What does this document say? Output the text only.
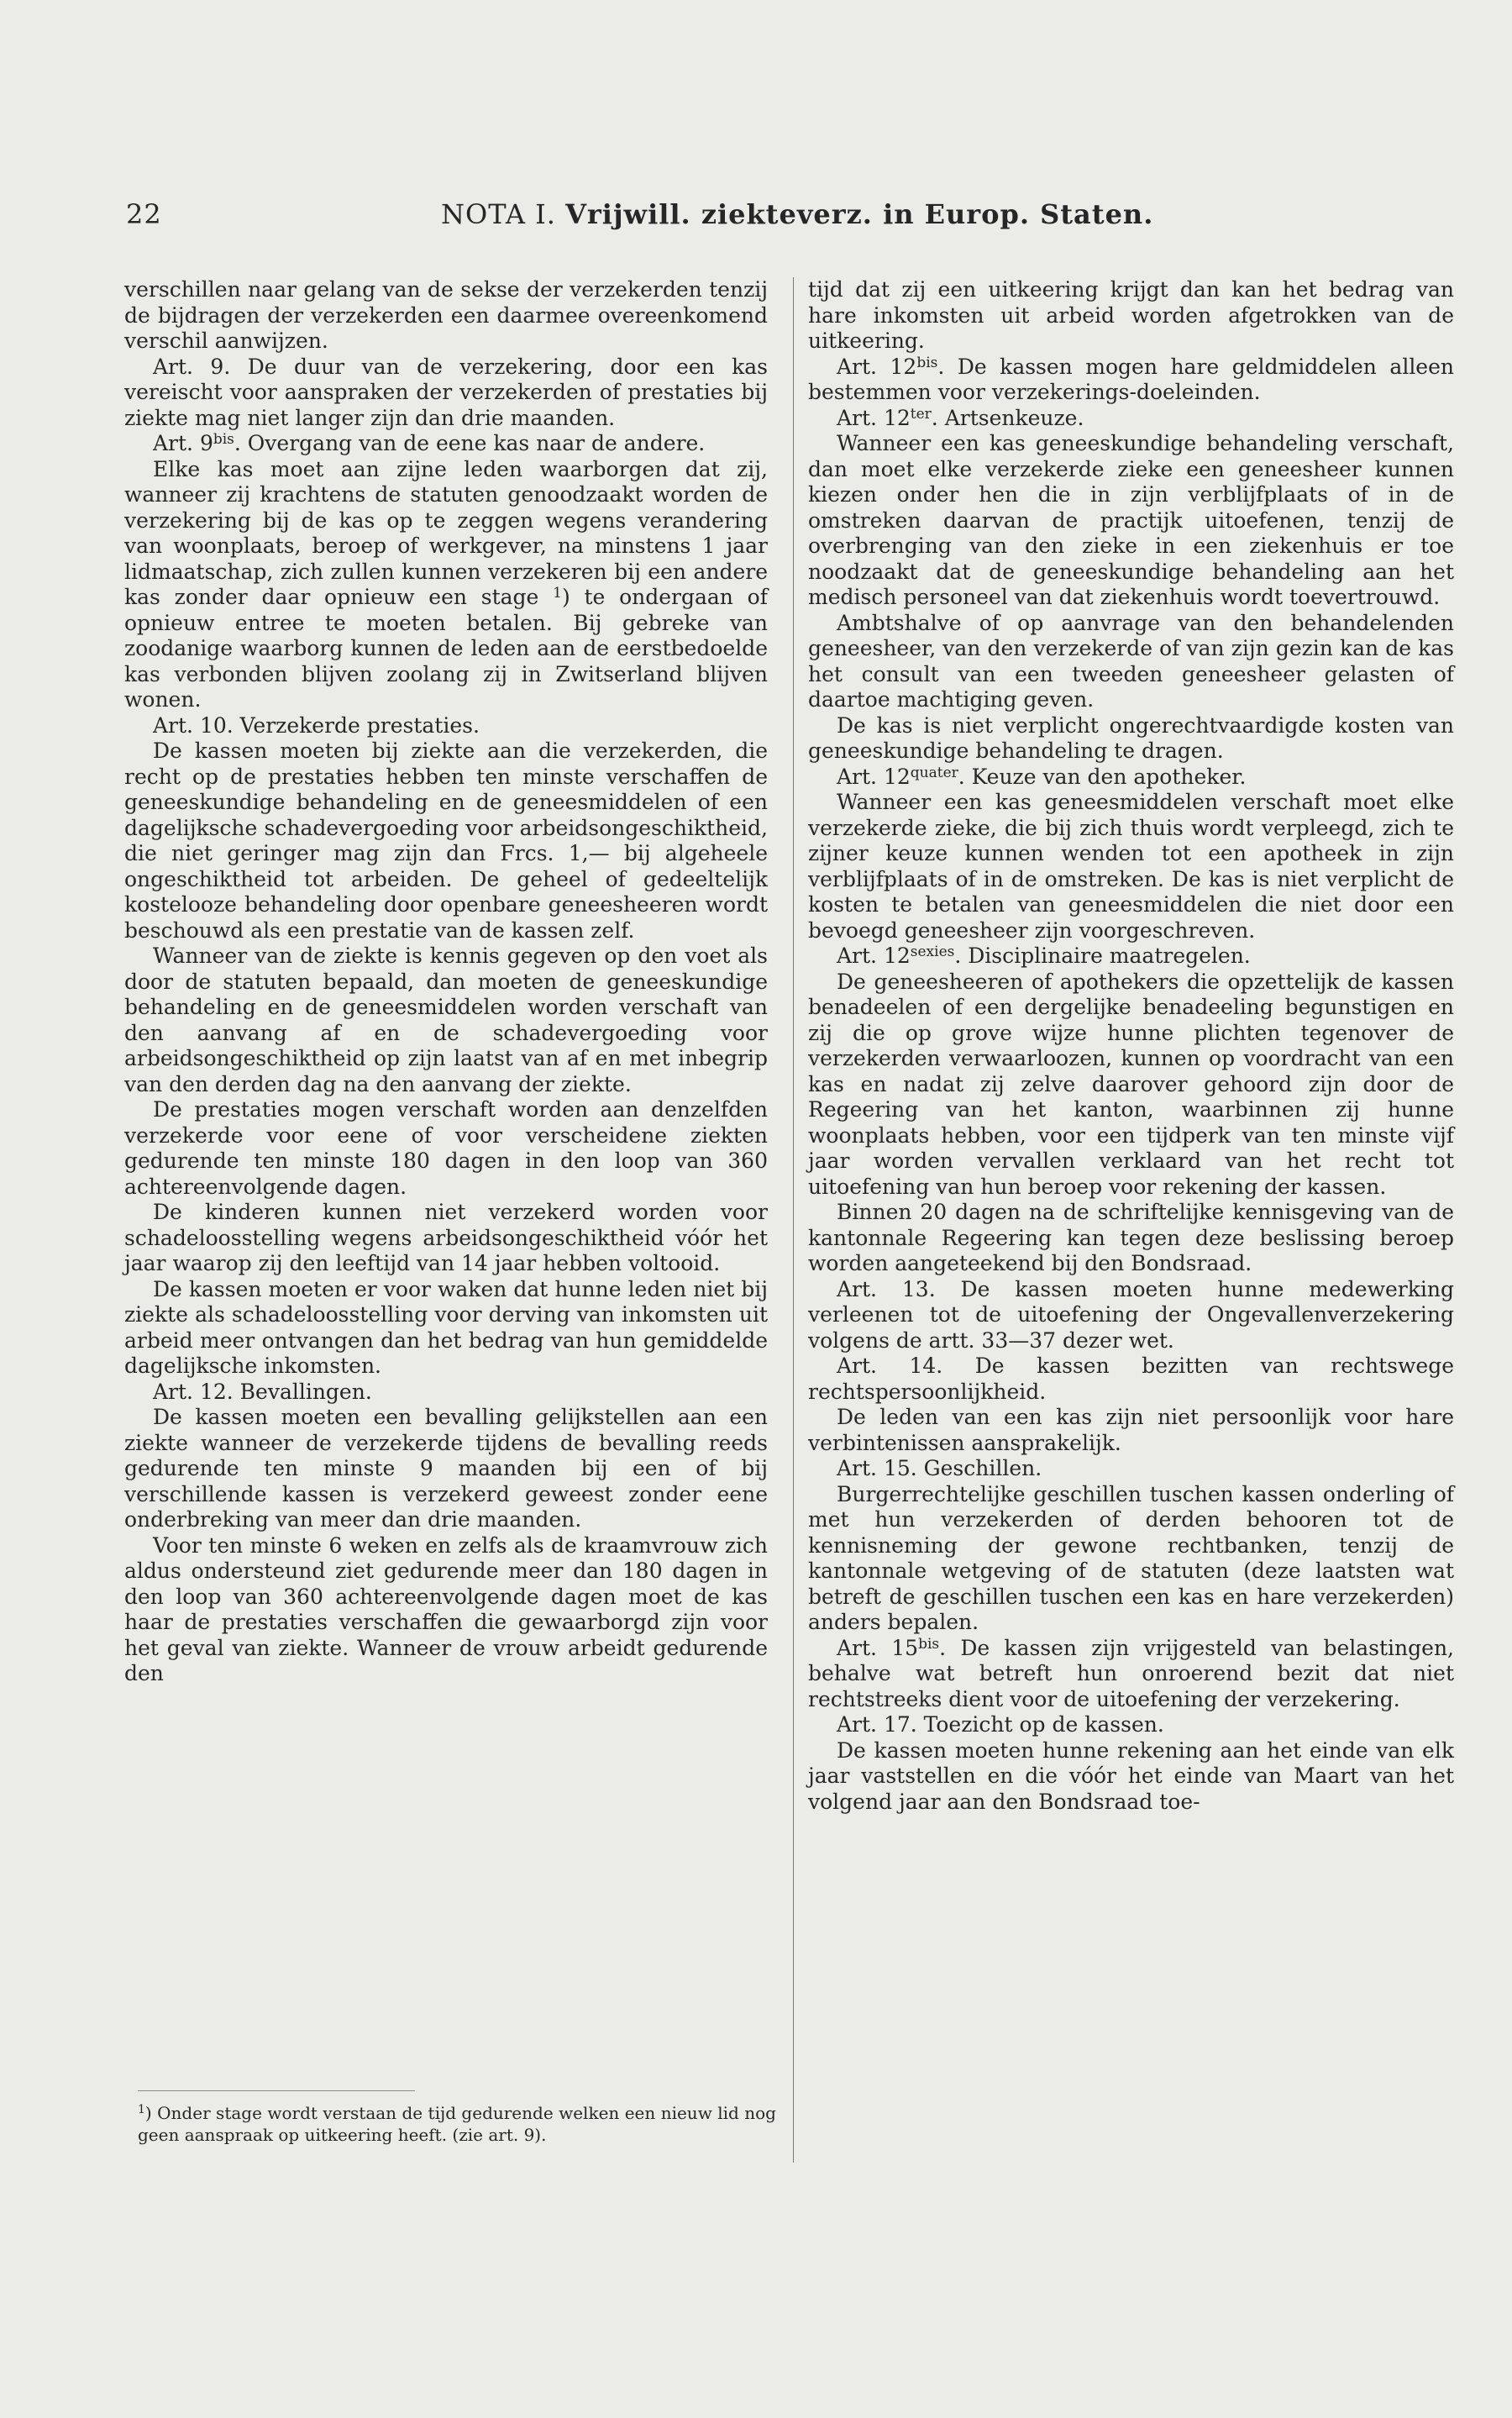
22	NOTA I. Vrijwill. ziekteverz. in Europ. Staten.

verschillen naar gelang van de sekse der verzekerden tenzij de bijdragen der verzekerden een daarmee overeenkomend verschil aanwijzen.

Art. 9. De duur van de verzekering, door een kas vereischt voor aanspraken der verzekerden of prestaties bij ziekte mag niet langer zijn dan drie maanden.

Art. $9^{bis}$. Overgang van de eene kas naar de andere.

Elke kas moet aan zijne leden waarborgen dat zij, wanneer zij krachtens de statuten genoodzaakt worden de verzekering bij de kas op te zeggen wegens verandering van woonplaats, beroep of werkgever, na minstens 1 jaar lidmaatschap, zich zullen kunnen verzekeren bij een andere kas zonder daar opnieuw een stage $^1$) te ondergaan of opnieuw entree te moeten betalen. Bij gebreke van zoodanige waarborg kunnen de leden aan de eerstbedoelde kas verbonden blijven zoolang zij in Zwitserland blijven wonen.

Art. 10. Verzekerde prestaties.

De kassen moeten bij ziekte aan die verzekerden, die recht op de prestaties hebben ten minste verschaffen de geneeskundige behandeling en de geneesmiddelen of een dagelijksche schadevergoeding voor arbeidsongeschiktheid, die niet geringer mag zijn dan Frcs. 1,— bij algeheele ongeschiktheid tot arbeiden. De geheel of gedeeltelijk kostelooze behandeling door openbare geneesheeren wordt beschouwd als een prestatie van de kassen zelf.

Wanneer van de ziekte is kennis gegeven op den voet als door de statuten bepaald, dan moeten de geneeskundige behandeling en de geneesmiddelen worden verschaft van den aanvang af en de schadevergoeding voor arbeidsongeschiktheid op zijn laatst van af en met inbegrip van den derden dag na den aanvang der ziekte.

De prestaties mogen verschaft worden aan denzelfden verzekerde voor eene of voor verscheidene ziekten gedurende ten minste 180 dagen in den loop van 360 achtereenvolgende dagen.

De kinderen kunnen niet verzekerd worden voor schadeloosstelling wegens arbeidsongeschiktheid vóór het jaar waarop zij den leeftijd van 14 jaar hebben voltooid.

De kassen moeten er voor waken dat hunne leden niet bij ziekte als schadeloosstelling voor derving van inkomsten uit arbeid meer ontvangen dan het bedrag van hun gemiddelde dagelijksche inkomsten.

Art. 12. Bevallingen.

De kassen moeten een bevalling gelijkstellen aan een ziekte wanneer de verzekerde tijdens de bevalling reeds gedurende ten minste 9 maanden bij een of bij verschillende kassen is verzekerd geweest zonder eene onderbreking van meer dan drie maanden.

Voor ten minste 6 weken en zelfs als de kraamvrouw zich aldus ondersteund ziet gedurende meer dan 180 dagen in den loop van 360 achtereenvolgende dagen moet de kas haar de prestaties verschaffen die gewaarborgd zijn voor het geval van ziekte. Wanneer de vrouw arbeidt gedurende den

tijd dat zij een uitkeering krijgt dan kan het bedrag van hare inkomsten uit arbeid worden afgetrokken van de uitkeering.

Art. $12^{bis}$. De kassen mogen hare geldmiddelen alleen bestemmen voor verzekerings-doeleinden.

Art. $12^{ter}$. Artsenkeuze.

Wanneer een kas geneeskundige behandeling verschaft, dan moet elke verzekerde zieke een geneesheer kunnen kiezen onder hen die in zijn verblijfplaats of in de omstreken daarvan de practijk uitoefenen, tenzij de overbrenging van den zieke in een ziekenhuis er toe noodzaakt dat de geneeskundige behandeling aan het medisch personeel van dat ziekenhuis wordt toevertrouwd.

Ambtshalve of op aanvrage van den behandelenden geneesheer, van den verzekerde of van zijn gezin kan de kas het consult van een tweeden geneesheer gelasten of daartoe machtiging geven.

De kas is niet verplicht ongerechtvaardigde kosten van geneeskundige behandeling te dragen.

Art. $12^{quater}$. Keuze van den apotheker.

Wanneer een kas geneesmiddelen verschaft moet elke verzekerde zieke, die bij zich thuis wordt verpleegd, zich te zijner keuze kunnen wenden tot een apotheek in zijn verblijfplaats of in de omstreken. De kas is niet verplicht de kosten te betalen van geneesmiddelen die niet door een bevoegd geneesheer zijn voorgeschreven.

Art. $12^{sexies}$. Disciplinaire maatregelen.

De geneesheeren of apothekers die opzettelijk de kassen benadeelen of een dergelijke benadeeling begunstigen en zij die op grove wijze hunne plichten tegenover de verzekerden verwaarloozen, kunnen op voordracht van een kas en nadat zij zelve daarover gehoord zijn door de Regeering van het kanton, waarbinnen zij hunne woonplaats hebben, voor een tijdperk van ten minste vijf jaar worden vervallen verklaard van het recht tot uitoefening van hun beroep voor rekening der kassen.

Binnen 20 dagen na de schriftelijke kennisgeving van de kantonnale Regeering kan tegen deze beslissing beroep worden aangeteekend bij den Bondsraad.

Art. 13. De kassen moeten hunne medewerking verleenen tot de uitoefening der Ongevallenverzekering volgens de artt. 33—37 dezer wet.

Art. 14. De kassen bezitten van rechtswege rechtspersoonlijkheid.

De leden van een kas zijn niet persoonlijk voor hare verbintenissen aansprakelijk.

Art. 15. Geschillen.

Burgerrechtelijke geschillen tuschen kassen onderling of met hun verzekerden of derden behooren tot de kennisneming der gewone rechtbanken, tenzij de kantonnale wetgeving of de statuten (deze laatsten wat betreft de geschillen tuschen een kas en hare verzekerden) anders bepalen.

Art. $15^{bis}$. De kassen zijn vrijgesteld van belastingen, behalve wat betreft hun onroerend bezit dat niet rechtstreeks dient voor de uitoefening der verzekering.

Art. 17. Toezicht op de kassen.

De kassen moeten hunne rekening aan het einde van elk jaar vaststellen en die vóór het einde van Maart van het volgend jaar aan den Bondsraad toe-

$^1$) Onder stage wordt verstaan de tijd gedurende welken een nieuw lid nog geen aanspraak op uitkeering heeft. (zie art. 9).
